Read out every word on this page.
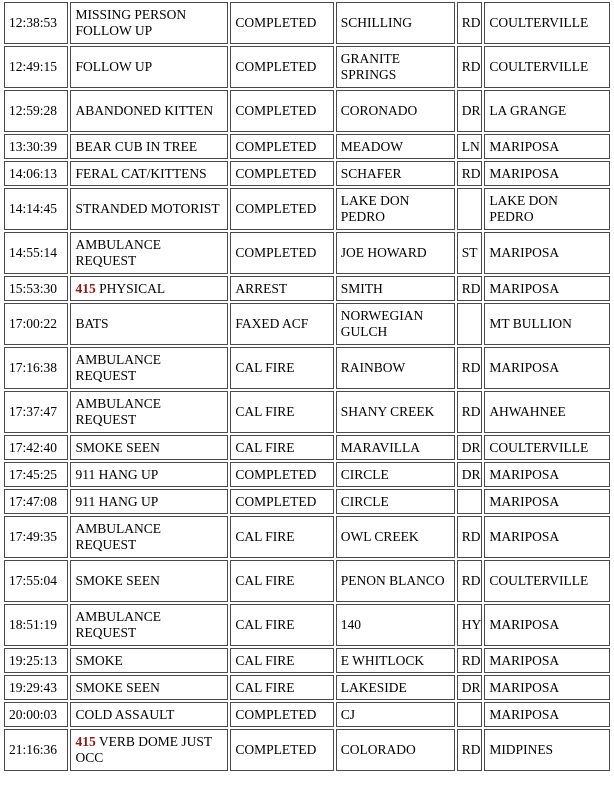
12:38:53	MISSING PERSON FOLLOW UP	COMPLETED	SCHILLING	RD	COULTERVILLE
12:49:15	FOLLOW UP	COMPLETED	GRANITE SPRINGS	RD	COULTERVILLE
12:59:28	ABANDONED KITTEN	COMPLETED	CORONADO	DR	LA GRANGE
13:30:39	BEAR CUB IN TREE	COMPLETED	MEADOW	LN	MARIPOSA
14:06:13	FERAL CAT/KITTENS	COMPLETED	SCHAFER	RD	MARIPOSA
14:14:45	STRANDED MOTORIST	COMPLETED	LAKE DON PEDRO		LAKE DON PEDRO
14:55:14	AMBULANCE REQUEST	COMPLETED	JOE HOWARD	ST	MARIPOSA
15:53:30	415 PHYSICAL	ARREST	SMITH	RD	MARIPOSA
17:00:22	BATS	FAXED ACF	NORWEGIAN GULCH		MT BULLION
17:16:38	AMBULANCE REQUEST	CAL FIRE	RAINBOW	RD	MARIPOSA
17:37:47	AMBULANCE REQUEST	CAL FIRE	SHANY CREEK	RD	AHWAHNEE
17:42:40	SMOKE SEEN	CAL FIRE	MARAVILLA	DR	COULTERVILLE
17:45:25	911 HANG UP	COMPLETED	CIRCLE	DR	MARIPOSA
17:47:08	911 HANG UP	COMPLETED	CIRCLE		MARIPOSA
17:49:35	AMBULANCE REQUEST	CAL FIRE	OWL CREEK	RD	MARIPOSA
17:55:04	SMOKE SEEN	CAL FIRE	PENON BLANCO	RD	COULTERVILLE
18:51:19	AMBULANCE REQUEST	CAL FIRE	140	HY	MARIPOSA
19:25:13	SMOKE	CAL FIRE	E WHITLOCK	RD	MARIPOSA
19:29:43	SMOKE SEEN	CAL FIRE	LAKESIDE	DR	MARIPOSA
20:00:03	COLD ASSAULT	COMPLETED	CJ		MARIPOSA
21:16:36	415 VERB DOME JUST OCC	COMPLETED	COLORADO	RD	MIDPINES
